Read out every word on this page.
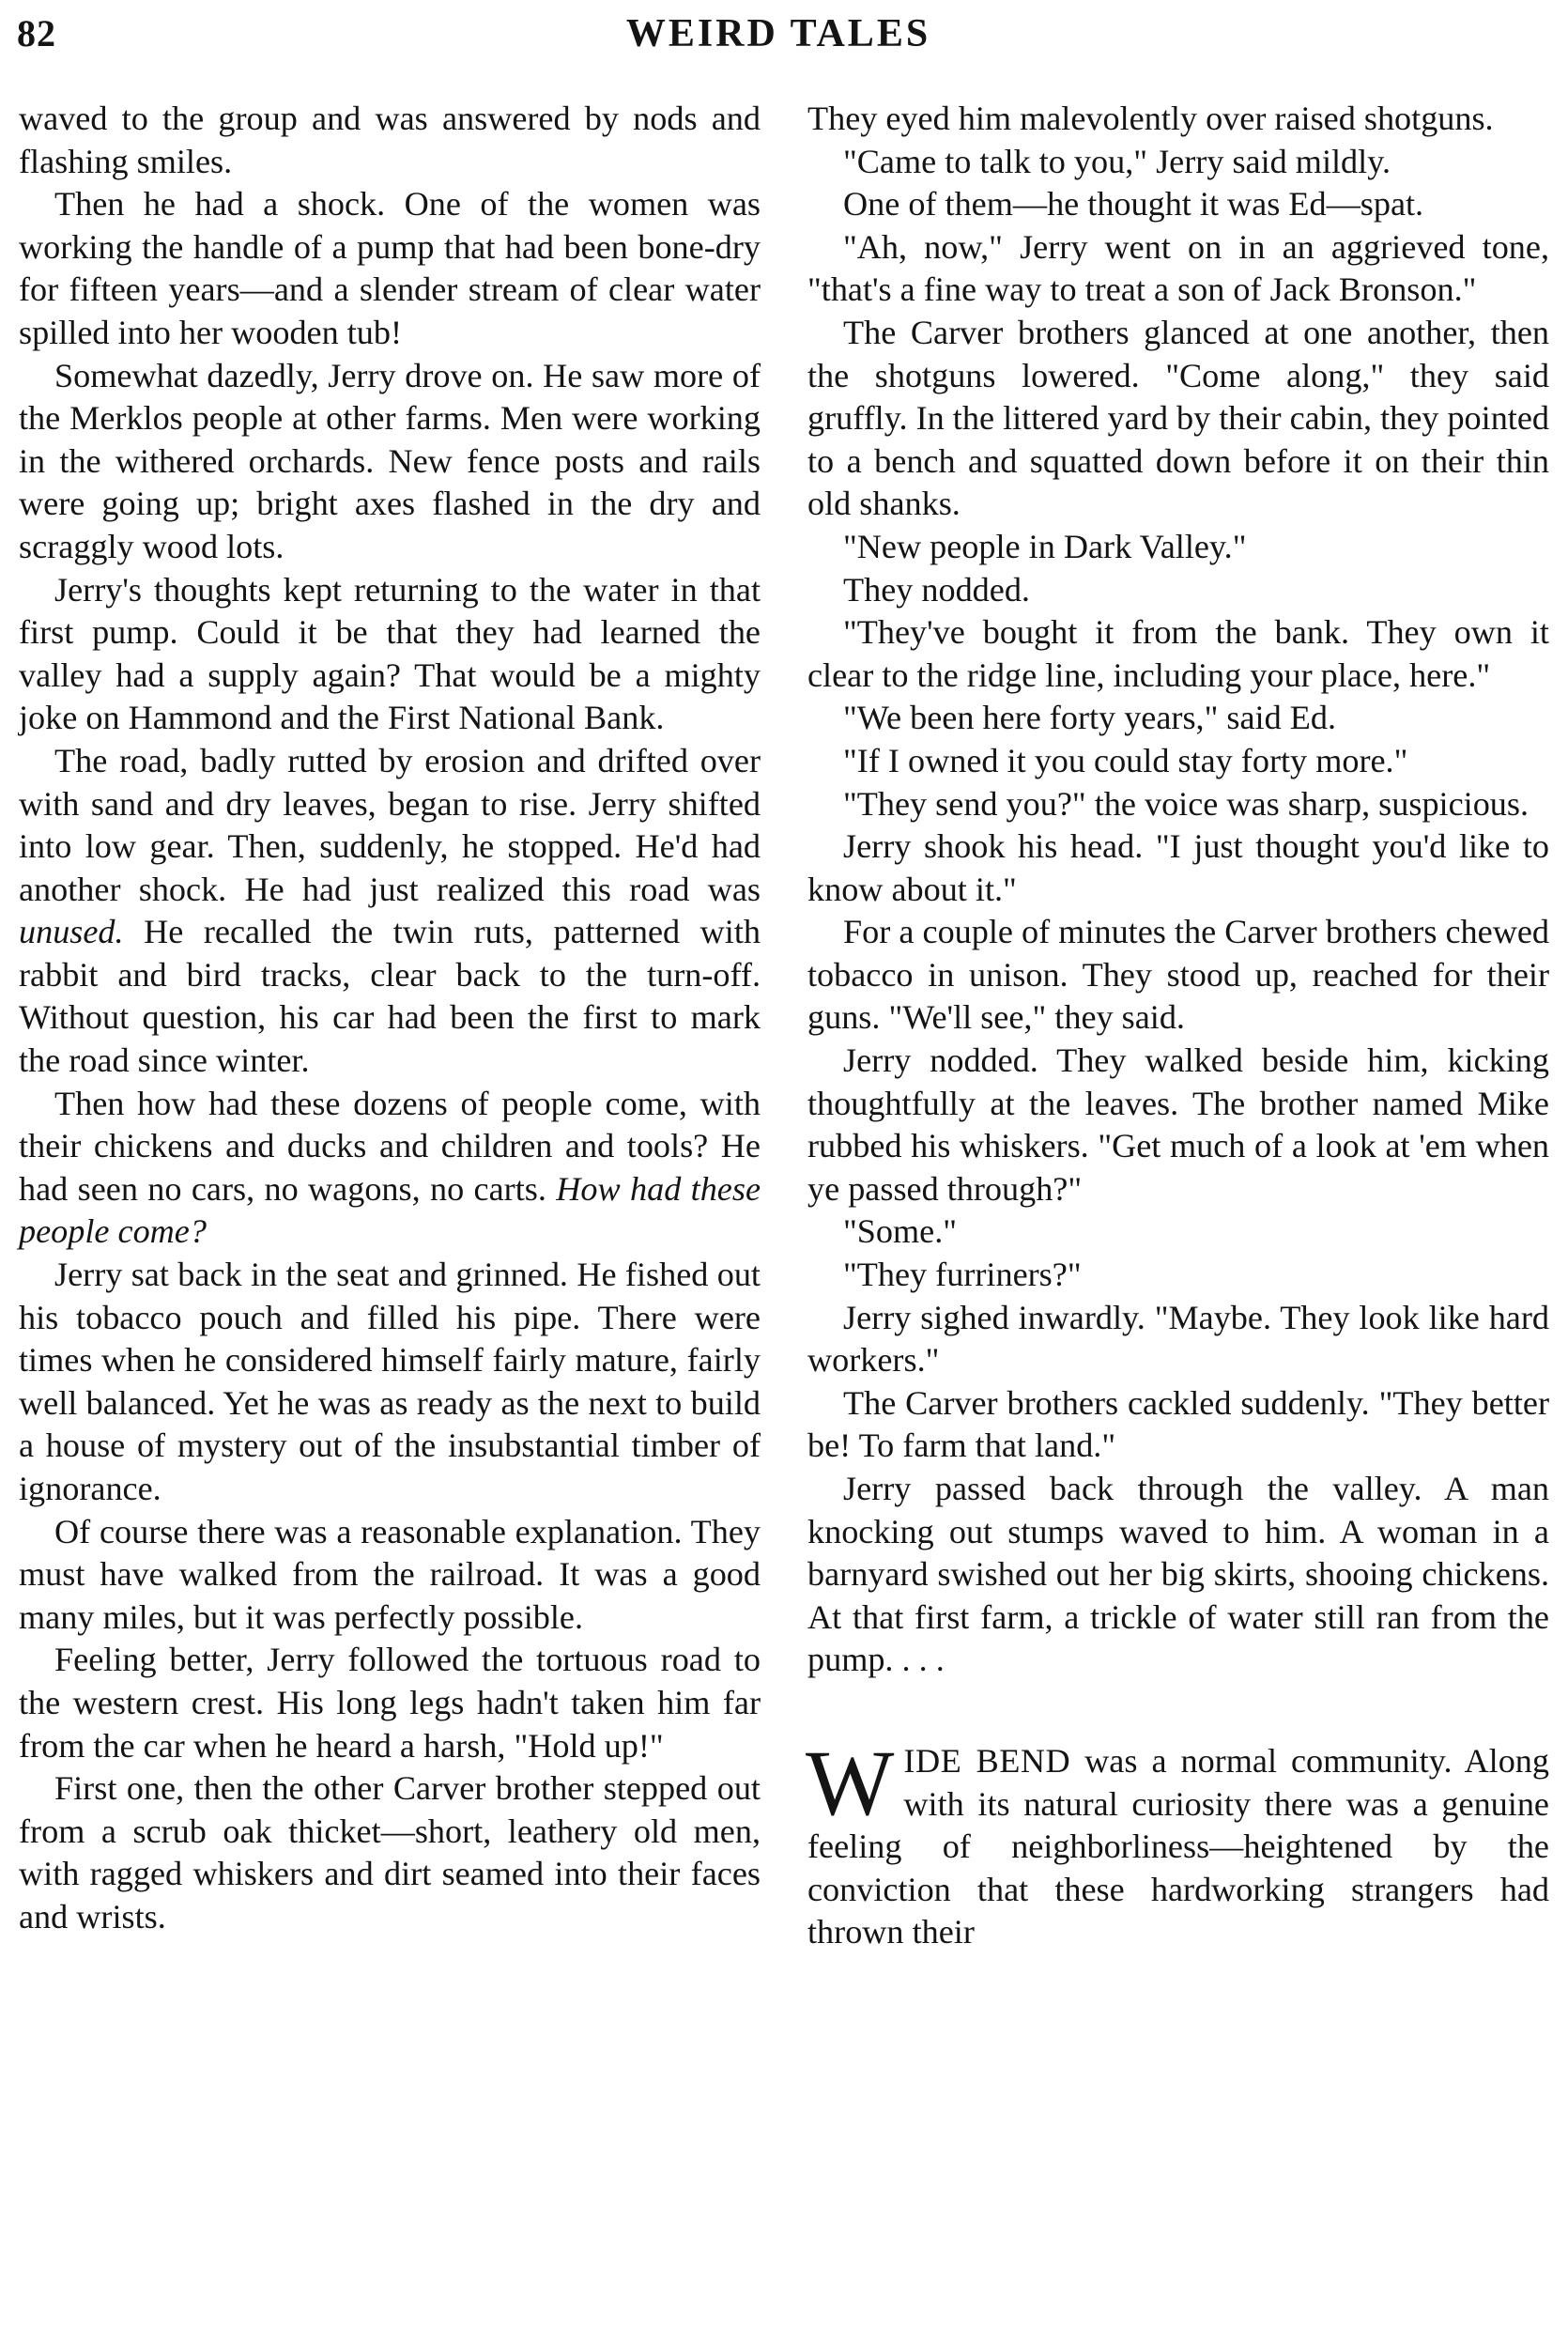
82	WEIRD TALES

waved to the group and was answered by nods and flashing smiles.

Then he had a shock. One of the women was working the handle of a pump that had been bone-dry for fifteen years—and a slender stream of clear water spilled into her wooden tub!

Somewhat dazedly, Jerry drove on. He saw more of the Merklos people at other farms. Men were working in the withered orchards. New fence posts and rails were going up; bright axes flashed in the dry and scraggly wood lots.

Jerry's thoughts kept returning to the water in that first pump. Could it be that they had learned the valley had a supply again? That would be a mighty joke on Hammond and the First National Bank.

The road, badly rutted by erosion and drifted over with sand and dry leaves, began to rise. Jerry shifted into low gear. Then, suddenly, he stopped. He'd had another shock. He had just realized this road was unused. He recalled the twin ruts, patterned with rabbit and bird tracks, clear back to the turn-off. Without question, his car had been the first to mark the road since winter.

Then how had these dozens of people come, with their chickens and ducks and children and tools? He had seen no cars, no wagons, no carts. How had these people come?

Jerry sat back in the seat and grinned. He fished out his tobacco pouch and filled his pipe. There were times when he considered himself fairly mature, fairly well balanced. Yet he was as ready as the next to build a house of mystery out of the insubstantial timber of ignorance.

Of course there was a reasonable explanation. They must have walked from the railroad. It was a good many miles, but it was perfectly possible.

Feeling better, Jerry followed the tortuous road to the western crest. His long legs hadn't taken him far from the car when he heard a harsh, "Hold up!"

First one, then the other Carver brother stepped out from a scrub oak thicket—short, leathery old men, with ragged whiskers and dirt seamed into their faces and wrists.

They eyed him malevolently over raised shotguns.

"Came to talk to you," Jerry said mildly.

One of them—he thought it was Ed—spat.

"Ah, now," Jerry went on in an aggrieved tone, "that's a fine way to treat a son of Jack Bronson."

The Carver brothers glanced at one another, then the shotguns lowered. "Come along," they said gruffly. In the littered yard by their cabin, they pointed to a bench and squatted down before it on their thin old shanks.

"New people in Dark Valley."

They nodded.

"They've bought it from the bank. They own it clear to the ridge line, including your place, here."

"We been here forty years," said Ed.

"If I owned it you could stay forty more."

"They send you?" the voice was sharp, suspicious.

Jerry shook his head. "I just thought you'd like to know about it."

For a couple of minutes the Carver brothers chewed tobacco in unison. They stood up, reached for their guns. "We'll see," they said.

Jerry nodded. They walked beside him, kicking thoughtfully at the leaves. The brother named Mike rubbed his whiskers. "Get much of a look at 'em when ye passed through?"

"Some."

"They furriners?"

Jerry sighed inwardly. "Maybe. They look like hard workers."

The Carver brothers cackled suddenly. "They better be! To farm that land."

Jerry passed back through the valley. A man knocking out stumps waved to him. A woman in a barnyard swished out her big skirts, shooing chickens. At that first farm, a trickle of water still ran from the pump. . . .

WIDE BEND was a normal community. Along with its natural curiosity there was a genuine feeling of neighborliness—heightened by the conviction that these hardworking strangers had thrown their
